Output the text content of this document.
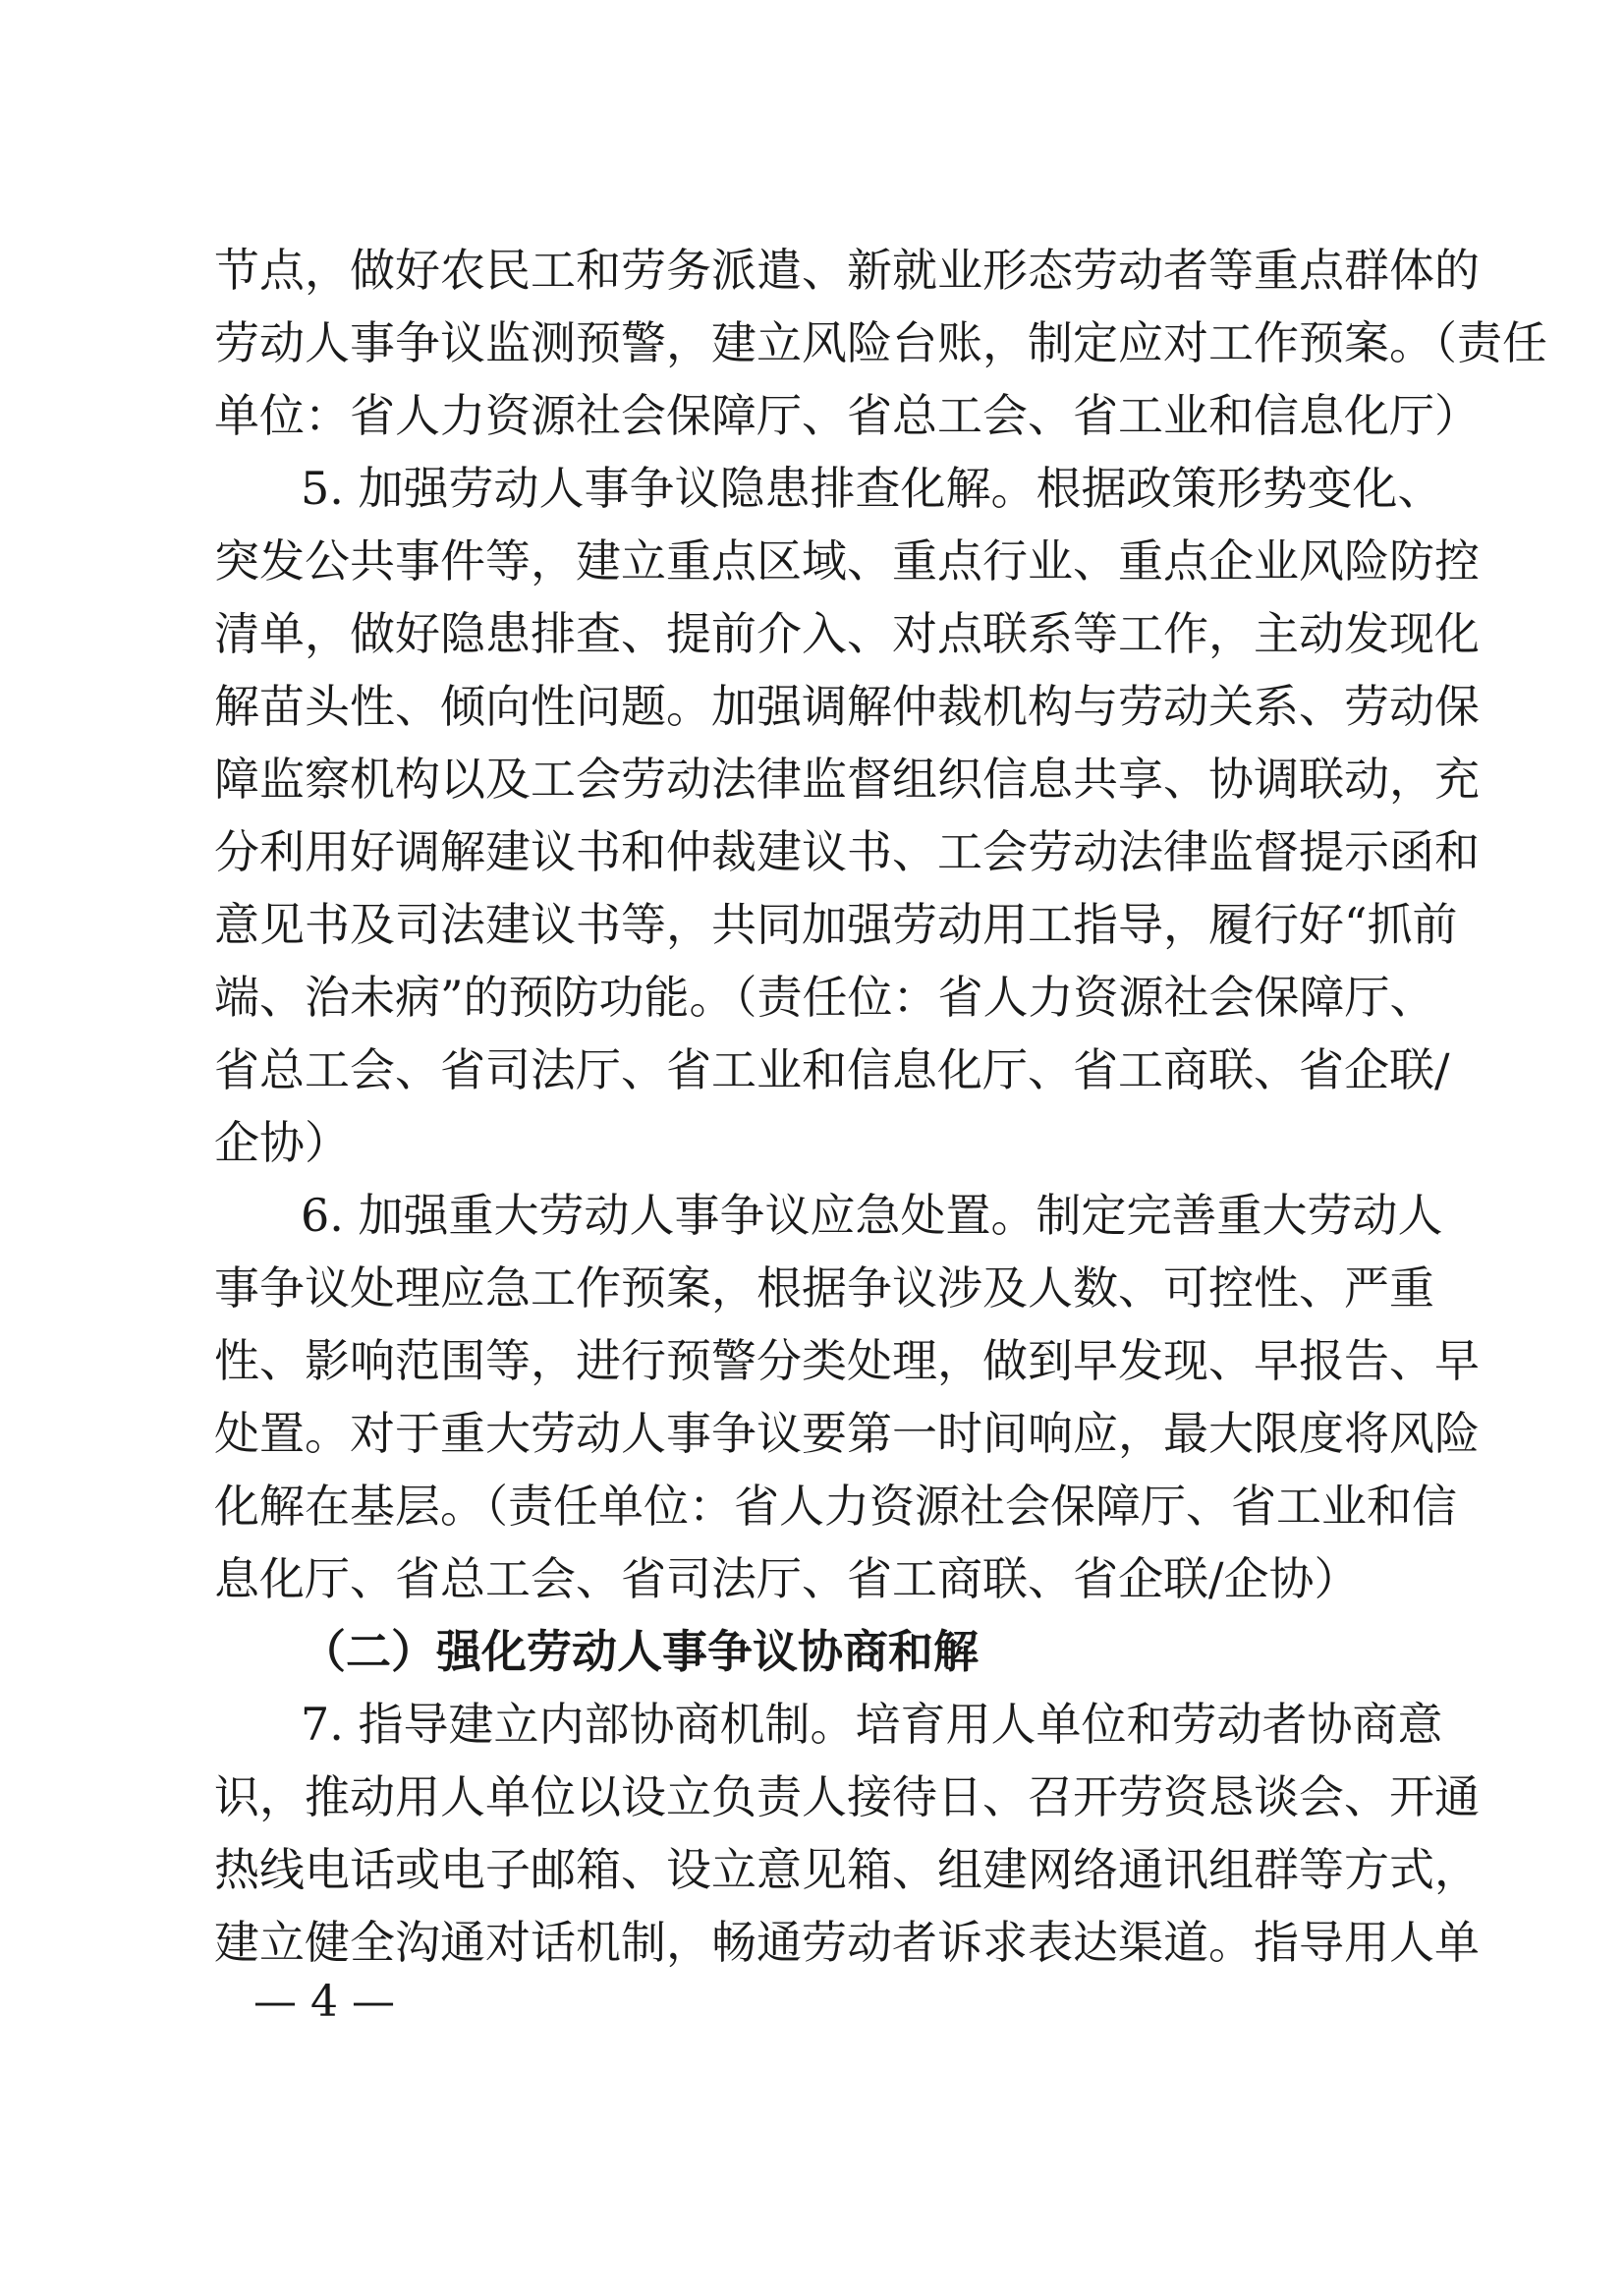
节点，做好农民工和劳务派遣、新就业形态劳动者等重点群体的
劳动人事争议监测预警，建立风险台账，制定应对工作预案。（责任
单位：省人力资源社会保障厅、省总工会、省工业和信息化厅）
5. 加强劳动人事争议隐患排查化解。根据政策形势变化、
突发公共事件等，建立重点区域、重点行业、重点企业风险防控
清单，做好隐患排查、提前介入、对点联系等工作，主动发现化
解苗头性、倾向性问题。加强调解仲裁机构与劳动关系、劳动保
障监察机构以及工会劳动法律监督组织信息共享、协调联动，充
分利用好调解建议书和仲裁建议书、工会劳动法律监督提示函和
意见书及司法建议书等，共同加强劳动用工指导，履行好“抓前
端、治未病”的预防功能。（责任位：省人力资源社会保障厅、
省总工会、省司法厅、省工业和信息化厅、省工商联、省企联/
企协）
6. 加强重大劳动人事争议应急处置。制定完善重大劳动人
事争议处理应急工作预案，根据争议涉及人数、可控性、严重
性、影响范围等，进行预警分类处理，做到早发现、早报告、早
处置。对于重大劳动人事争议要第一时间响应，最大限度将风险
化解在基层。（责任单位：省人力资源社会保障厅、省工业和信
息化厅、省总工会、省司法厅、省工商联、省企联/企协）
（二）强化劳动人事争议协商和解
7. 指导建立内部协商机制。培育用人单位和劳动者协商意
识，推动用人单位以设立负责人接待日、召开劳资恳谈会、开通
热线电话或电子邮箱、设立意见箱、组建网络通讯组群等方式，
建立健全沟通对话机制，畅通劳动者诉求表达渠道。指导用人单
— 4 —
